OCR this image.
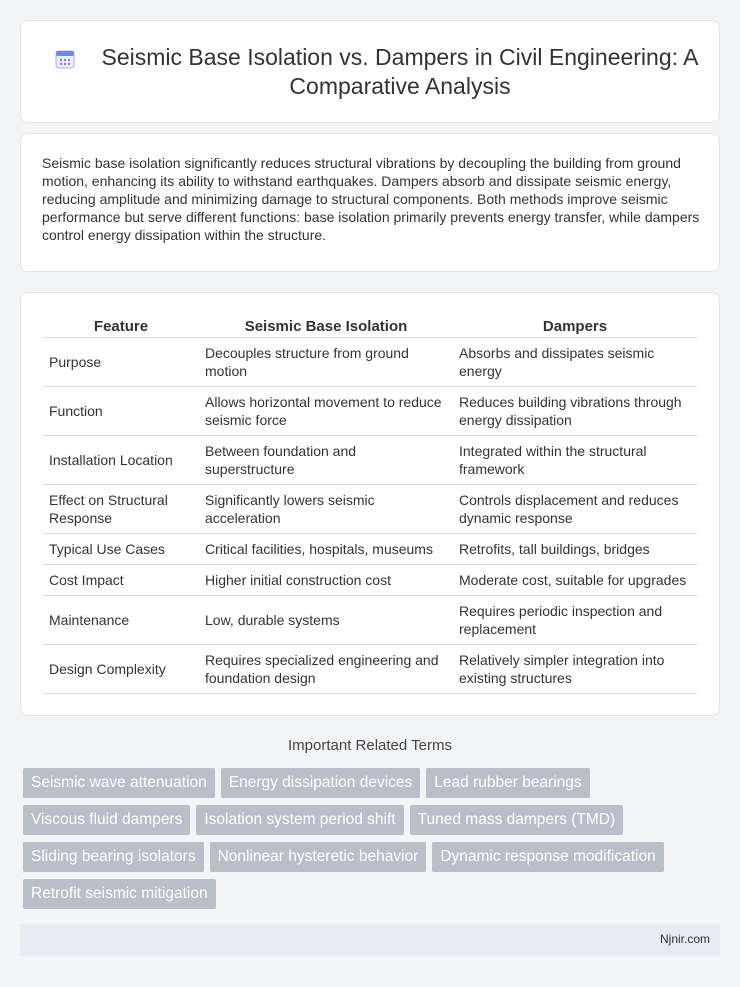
Seismic Base Isolation vs. Dampers in Civil Engineering: A Comparative Analysis

Seismic base isolation significantly reduces structural vibrations by decoupling the building from ground motion, enhancing its ability to withstand earthquakes. Dampers absorb and dissipate seismic energy, reducing amplitude and minimizing damage to structural components. Both methods improve seismic performance but serve different functions: base isolation primarily prevents energy transfer, while dampers control energy dissipation within the structure.

Feature	Seismic Base Isolation	Dampers
Purpose	Decouples structure from ground motion	Absorbs and dissipates seismic energy
Function	Allows horizontal movement to reduce seismic force	Reduces building vibrations through energy dissipation
Installation Location	Between foundation and superstructure	Integrated within the structural framework
Effect on Structural Response	Significantly lowers seismic acceleration	Controls displacement and reduces dynamic response
Typical Use Cases	Critical facilities, hospitals, museums	Retrofits, tall buildings, bridges
Cost Impact	Higher initial construction cost	Moderate cost, suitable for upgrades
Maintenance	Low, durable systems	Requires periodic inspection and replacement
Design Complexity	Requires specialized engineering and foundation design	Relatively simpler integration into existing structures
Important Related Terms
Seismic wave attenuation Energy dissipation devices Lead rubber bearings
Viscous fluid dampers Isolation system period shift Tuned mass dampers (TMD)
Sliding bearing isolators Nonlinear hysteretic behavior Dynamic response modification
Retrofit seismic mitigation
Njnir.com
